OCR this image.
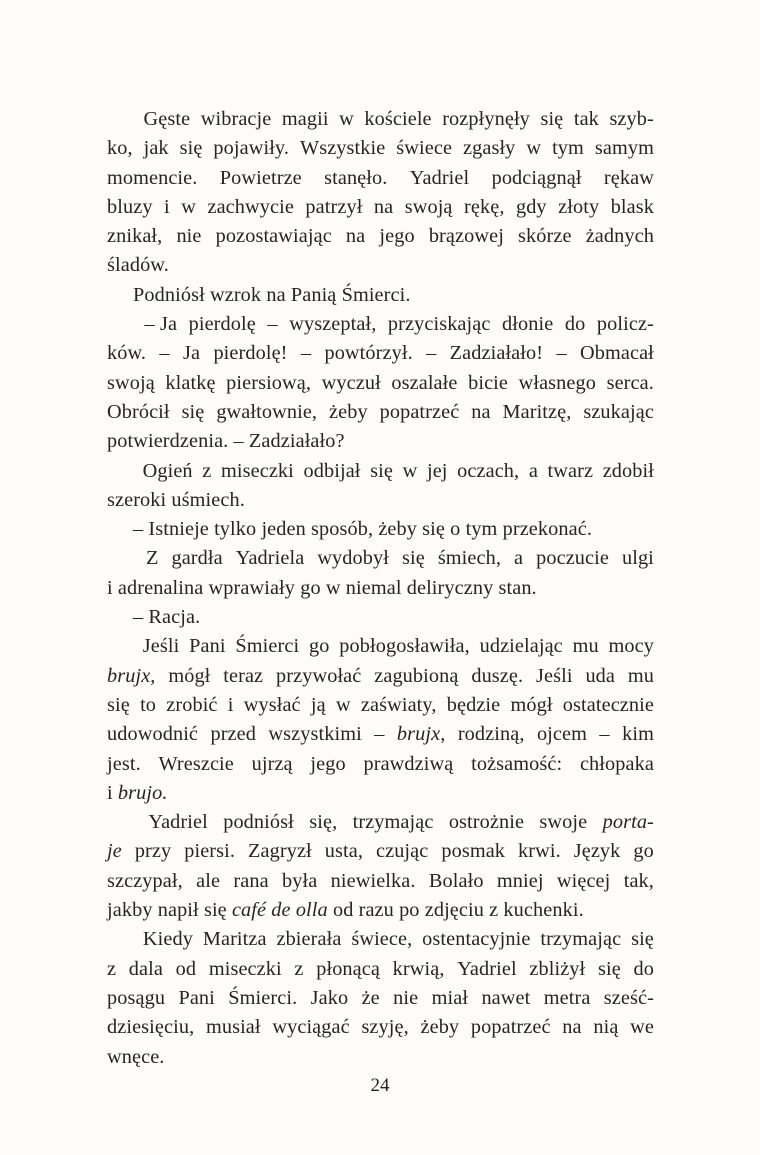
Gęste wibracje magii w kościele rozpłynęły się tak szyb-
ko, jak się pojawiły. Wszystkie świece zgasły w tym samym
momencie. Powietrze stanęło. Yadriel podciągnął rękaw
bluzy i w zachwycie patrzył na swoją rękę, gdy złoty blask
znikał, nie pozostawiając na jego brązowej skórze żadnych
śladów.
Podniósł wzrok na Panią Śmierci.
– Ja pierdolę – wyszeptał, przyciskając dłonie do policz-
ków. – Ja pierdolę! – powtórzył. – Zadziałało! – Obmacał
swoją klatkę piersiową, wyczuł oszalałe bicie własnego serca.
Obrócił się gwałtownie, żeby popatrzeć na Maritzę, szukając
potwierdzenia. – Zadziałało?
Ogień z miseczki odbijał się w jej oczach, a twarz zdobił
szeroki uśmiech.
– Istnieje tylko jeden sposób, żeby się o tym przekonać.
Z gardła Yadriela wydobył się śmiech, a poczucie ulgi
i adrenalina wprawiały go w niemal deliryczny stan.
– Racja.
Jeśli Pani Śmierci go pobłogosławiła, udzielając mu mocy
brujx, mógł teraz przywołać zagubioną duszę. Jeśli uda mu
się to zrobić i wysłać ją w zaświaty, będzie mógł ostatecznie
udowodnić przed wszystkimi – brujx, rodziną, ojcem – kim
jest. Wreszcie ujrzą jego prawdziwą tożsamość: chłopaka
i brujo.
Yadriel podniósł się, trzymając ostrożnie swoje porta-
je przy piersi. Zagryzł usta, czując posmak krwi. Język go
szczypał, ale rana była niewielka. Bolało mniej więcej tak,
jakby napił się café de olla od razu po zdjęciu z kuchenki.
Kiedy Maritza zbierała świece, ostentacyjnie trzymając się
z dala od miseczki z płonącą krwią, Yadriel zbliżył się do
posągu Pani Śmierci. Jako że nie miał nawet metra sześć-
dziesięciu, musiał wyciągać szyję, żeby popatrzeć na nią we
wnęce.
24
